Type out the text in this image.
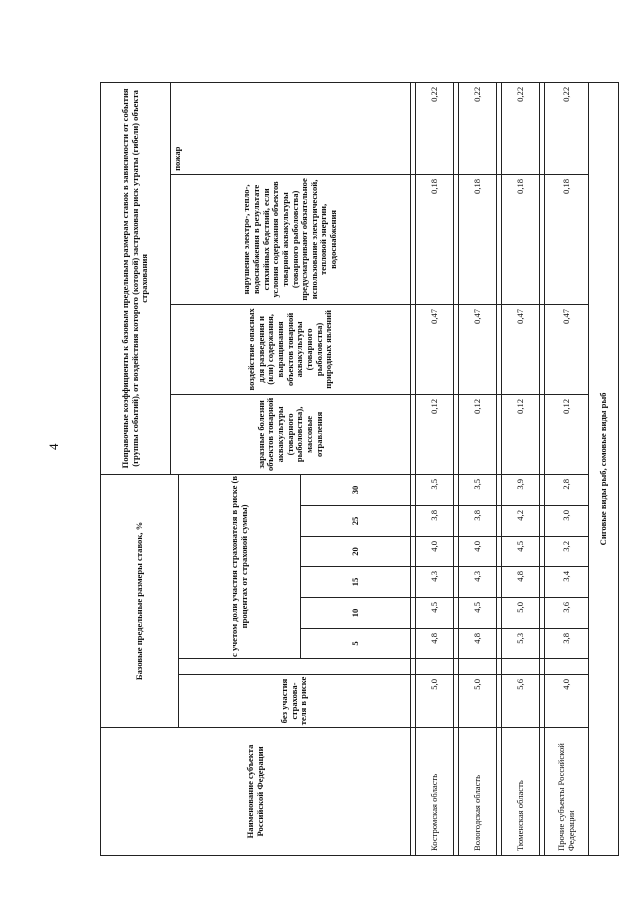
4
Наименование субъекта Российской Федерации	Базовые предельные размеры ставок, %								Поправочные коэффициенты к базовым предельным размерам ставок в зависимости от события (группы событий), от воздействия которого (которой) застрахован риск утраты (гибели) объекта страхования			
									заразные болезни объектов товарной аквакультуры (товарного рыболовства), массовые отравления	воздействие опасных для разведения и (или) содержания, выращивания объектов товарной аквакультуры (товарного рыболовства) природных явлений	нарушение электро-, тепло-, водоснабжения в результате стихийных бедствий, если условия содержания объектов товарной аквакультуры (товарного рыболовства) предусматривают обязательное использование электрической, тепловой энергии, водоснабжения	пожар
	без участия страхова-теля в риске		с учетом доли участия страхователя в риске (в процентах от страховой суммы)									
			5	10	15	20	25	30				

Костромская область	5,0		4,8	4,5	4,3	4,0	3,8	3,5	0,12	0,47	0,18	0,22

Вологодская область	5,0		4,8	4,5	4,3	4,0	3,8	3,5	0,12	0,47	0,18	0,22

Тюменская область	5,6		5,3	5,0	4,8	4,5	4,2	3,9	0,12	0,47	0,18	0,22

Прочие субъекты Российской Федерации	4,0		3,8	3,6	3,4	3,2	3,0	2,8	0,12	0,47	0,18	0,22
Сиговые виды рыб, сомовые виды рыб												
